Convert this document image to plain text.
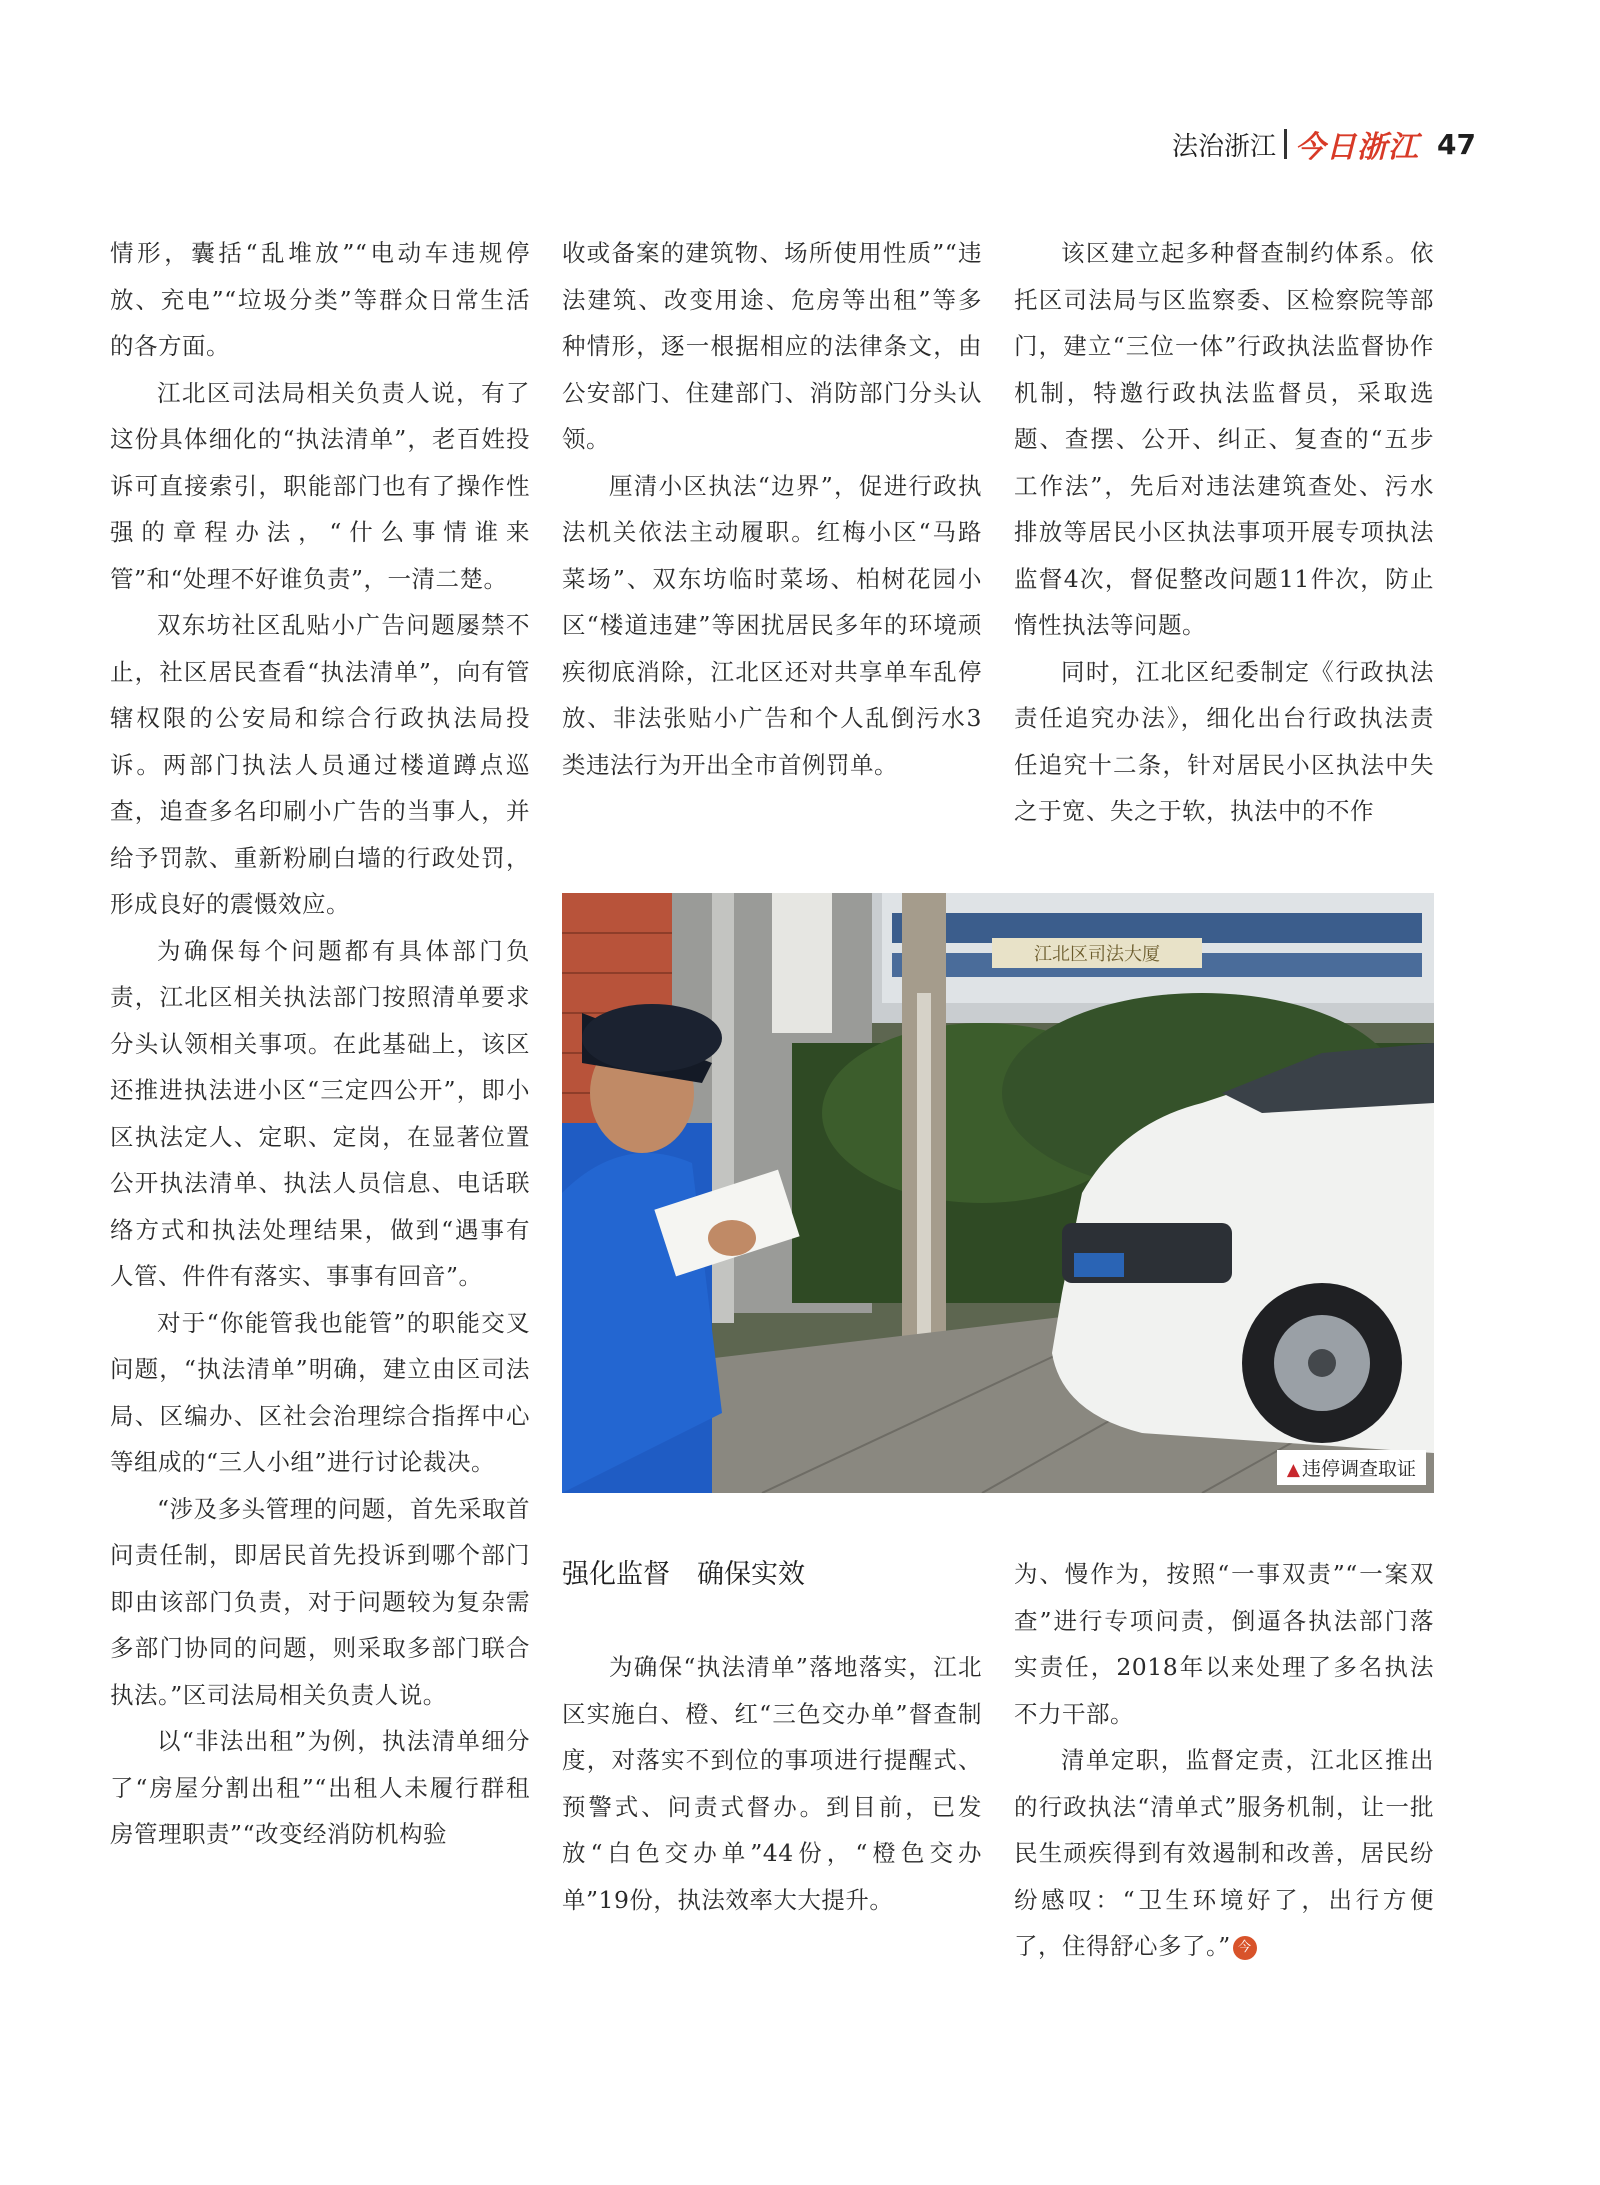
法治浙江 今日浙江 47

情形，囊括“乱堆放”“电动车违规停放、充电”“垃圾分类”等群众日常生活的各方面。

江北区司法局相关负责人说，有了这份具体细化的“执法清单”，老百姓投诉可直接索引，职能部门也有了操作性强的章程办法，“什么事情谁来管”和“处理不好谁负责”，一清二楚。

双东坊社区乱贴小广告问题屡禁不止，社区居民查看“执法清单”，向有管辖权限的公安局和综合行政执法局投诉。两部门执法人员通过楼道蹲点巡查，追查多名印刷小广告的当事人，并给予罚款、重新粉刷白墙的行政处罚，形成良好的震慑效应。

为确保每个问题都有具体部门负责，江北区相关执法部门按照清单要求分头认领相关事项。在此基础上，该区还推进执法进小区“三定四公开”，即小区执法定人、定职、定岗，在显著位置公开执法清单、执法人员信息、电话联络方式和执法处理结果，做到“遇事有人管、件件有落实、事事有回音”。

对于“你能管我也能管”的职能交叉问题，“执法清单”明确，建立由区司法局、区编办、区社会治理综合指挥中心等组成的“三人小组”进行讨论裁决。

“涉及多头管理的问题，首先采取首问责任制，即居民首先投诉到哪个部门即由该部门负责，对于问题较为复杂需多部门协同的问题，则采取多部门联合执法。”区司法局相关负责人说。

以“非法出租”为例，执法清单细分了“房屋分割出租”“出租人未履行群租房管理职责”“改变经消防机构验

收或备案的建筑物、场所使用性质”“违法建筑、改变用途、危房等出租”等多种情形，逐一根据相应的法律条文，由公安部门、住建部门、消防部门分头认领。

厘清小区执法“边界”，促进行政执法机关依法主动履职。红梅小区“马路菜场”、双东坊临时菜场、柏树花园小区“楼道违建”等困扰居民多年的环境顽疾彻底消除，江北区还对共享单车乱停放、非法张贴小广告和个人乱倒污水3类违法行为开出全市首例罚单。

该区建立起多种督查制约体系。依托区司法局与区监察委、区检察院等部门，建立“三位一体”行政执法监督协作机制，特邀行政执法监督员，采取选题、查摆、公开、纠正、复查的“五步工作法”，先后对违法建筑查处、污水排放等居民小区执法事项开展专项执法监督4次，督促整改问题11件次，防止惰性执法等问题。

同时，江北区纪委制定《行政执法责任追究办法》，细化出台行政执法责任追究十二条，针对居民小区执法中失之于宽、失之于软，执法中的不作

江北区司法大厦
▲ 违停调查取证
强化监督　确保实效

为确保“执法清单”落地落实，江北区实施白、橙、红“三色交办单”督查制度，对落实不到位的事项进行提醒式、预警式、问责式督办。到目前，已发放“白色交办单”44份，“橙色交办单”19份，执法效率大大提升。

为、慢作为，按照“一事双责”“一案双查”进行专项问责，倒逼各执法部门落实责任，2018年以来处理了多名执法不力干部。

清单定职，监督定责，江北区推出的行政执法“清单式”服务机制，让一批民生顽疾得到有效遏制和改善，居民纷纷感叹：“卫生环境好了，出行方便了，住得舒心多了。” 今
